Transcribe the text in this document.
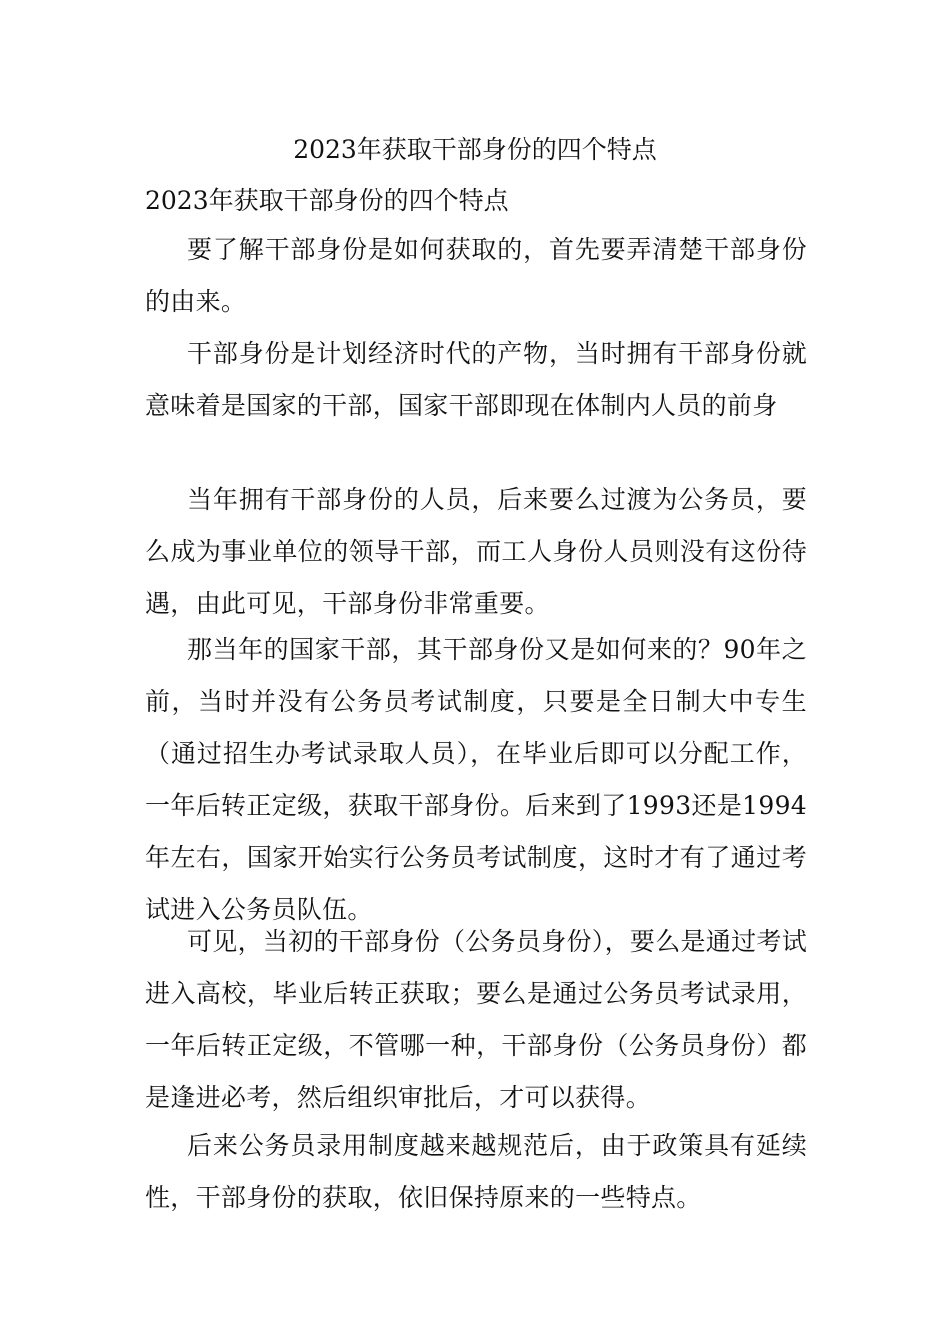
2023年获取干部身份的四个特点
2023年获取干部身份的四个特点

要了解干部身份是如何获取的，首先要弄清楚干部身份的由来。

干部身份是计划经济时代的产物，当时拥有干部身份就意味着是国家的干部，国家干部即现在体制内人员的前身

当年拥有干部身份的人员，后来要么过渡为公务员，要么成为事业单位的领导干部，而工人身份人员则没有这份待遇，由此可见，干部身份非常重要。

那当年的国家干部，其干部身份又是如何来的？90年之前，当时并没有公务员考试制度，只要是全日制大中专生（通过招生办考试录取人员），在毕业后即可以分配工作，一年后转正定级，获取干部身份。后来到了1993还是1994年左右，国家开始实行公务员考试制度，这时才有了通过考试进入公务员队伍。

可见，当初的干部身份（公务员身份），要么是通过考试进入高校，毕业后转正获取；要么是通过公务员考试录用，一年后转正定级，不管哪一种，干部身份（公务员身份）都是逢进必考，然后组织审批后，才可以获得。

后来公务员录用制度越来越规范后，由于政策具有延续性，干部身份的获取，依旧保持原来的一些特点。
